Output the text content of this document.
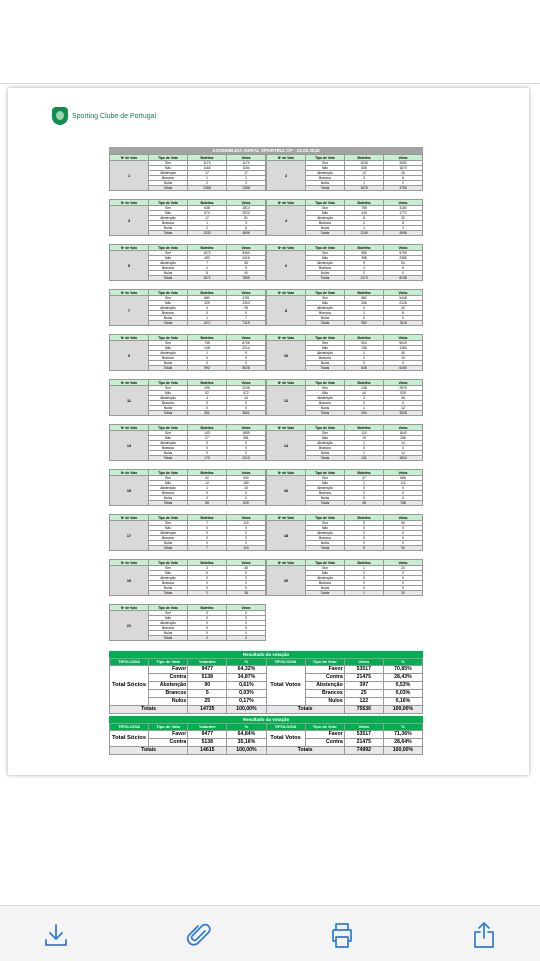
Sporting Clube de Portugal
ASSEMBLEIA GERAL SPORTING CP - 23.06.2018
Nº de Voto	Tipo de Voto	Boletins	Votos
1	Sim	1174	1174
	Não	1164	1164
	Abstenção	17	17
	Brancos	1	1
	Nulos	2	2
	Totais	2358	2358
Nº de Voto	Tipo de Voto	Boletins	Votos
2	Sim	1026	2052
	Não	835	1670
	Abstenção	13	26
	Brancos	3	6
	Nulos	1	2
	Totais	1878	3756
Nº de Voto	Tipo de Voto	Boletins	Votos
3	Sim	638	2814
	Não	674	2022
	Abstenção	17	51
	Brancos	1	3
	Nulos	2	6
	Totais	1332	4896
Nº de Voto	Tipo de Voto	Boletins	Votos
4	Sim	795	3180
	Não	443	1772
	Abstenção	8	32
	Brancos	2	8
	Nulos	1	4
	Totais	1249	4996
Nº de Voto	Tipo de Voto	Boletins	Votos
5	Sim	1072	5360
	Não	483	2415
	Abstenção	7	35
	Brancos	1	5
	Nulos	8	40
	Totais	1571	7855
Nº de Voto	Tipo de Voto	Boletins	Votos
6	Sim	965	5790
	Não	398	2388
	Abstenção	9	54
	Brancos	1	6
	Nulos	0	0
	Totais	1373	8238
Nº de Voto	Tipo de Voto	Boletins	Votos
7	Sim	683	4781
	Não	329	2303
	Abstenção	4	28
	Brancos	0	0
	Nulos	1	7
	Totais	1017	7119
Nº de Voto	Tipo de Voto	Boletins	Votos
8	Sim	681	5448
	Não	266	2128
	Abstenção	4	32
	Brancos	1	8
	Nulos	0	0
	Totais	952	7616
Nº de Voto	Tipo de Voto	Boletins	Votos
9	Sim	745	6705
	Não	248	2214
	Abstenção	1	9
	Brancos	0	0
	Nulos	0	0
	Totais	992	8928
Nº de Voto	Tipo de Voto	Boletins	Votos
10	Sim	504	5040
	Não	136	1360
	Abstenção	4	40
	Brancos	1	10
	Nulos	0	0
	Totais	645	6450
Nº de Voto	Tipo de Voto	Boletins	Votos
11	Sim	295	2245
	Não	52	572
	Abstenção	4	44
	Brancos	0	0
	Nulos	0	0
	Totais	351	3861
Nº de Voto	Tipo de Voto	Boletins	Votos
12	Sim	248	2976
	Não	44	528
	Abstenção	3	36
	Brancos	0	0
	Nulos	1	12
	Totais	294	3528
Nº de Voto	Tipo de Voto	Boletins	Votos
13	Sim	143	1859
	Não	27	351
	Abstenção	0	0
	Brancos	0	0
	Nulos	0	0
	Totais	170	2210
Nº de Voto	Tipo de Voto	Boletins	Votos
14	Sim	110	1540
	Não	19	266
	Abstenção	1	14
	Brancos	0	0
	Nulos	1	14
	Totais	131	1834
Nº de Voto	Tipo de Voto	Boletins	Votos
15	Sim	42	630
	Não	12	180
	Abstenção	1	15
	Brancos	0	0
	Nulos	0	0
	Totais	55	825
Nº de Voto	Tipo de Voto	Boletins	Votos
16	Sim	47	656
	Não	1	112
	Abstenção	0	0
	Brancos	0	0
	Nulos	0	0
	Totais	48	768
Nº de Voto	Tipo de Voto	Boletins	Votos
17	Sim	7	119
	Não	0	0
	Abstenção	0	0
	Brancos	0	0
	Nulos	0	0
	Totais	7	119
Nº de Voto	Tipo de Voto	Boletins	Votos
18	Sim	5	90
	Não	0	0
	Abstenção	0	0
	Brancos	0	0
	Nulos	0	0
	Totais	5	90
Nº de Voto	Tipo de Voto	Boletins	Votos
19	Sim	2	38
	Não	0	0
	Abstenção	0	0
	Brancos	0	0
	Nulos	0	0
	Totais	2	38
Nº de Voto	Tipo de Voto	Boletins	Votos
20	Sim	1	20
	Não	0	0
	Abstenção	0	0
	Brancos	0	0
	Nulos	0	0
	Totais	1	20
Nº de Voto	Tipo de Voto	Boletins	Votos
21	Sim	0	0
	Não	0	0
	Abstenção	0	0
	Brancos	0	0
	Nulos	0	0
	Totais	0	0
Resultado da votação
TIPOLOGIA	Tipo de Voto	Votantes	%	TIPOLOGIA	Tipo de Voto	Votos	%
Total Sócios	Favor	9477	64,32%	Total Votos	Favor	53517	70,85%
	Contra	5138	34,87%		Contra	21475	28,43%
	Abstenção	90	0,61%		Abstenção	397	0,53%
	Brancos	5	0,03%		Brancos	25	0,03%
	Nulos	25	0,17%		Nulos	122	0,16%
Totais		14735	100,00%	Totais		75536	100,00%
Resultado da votação
TIPOLOGIA	Tipo de Voto	Votantes	%	TIPOLOGIA	Tipo de Voto	Votos	%
Total Sócios	Favor	9477	64,84%	Total Votos	Favor	53517	71,36%
	Contra	5138	35,16%		Contra	21475	28,64%
Totais		14615	100,00%	Totais		74992	100,00%
